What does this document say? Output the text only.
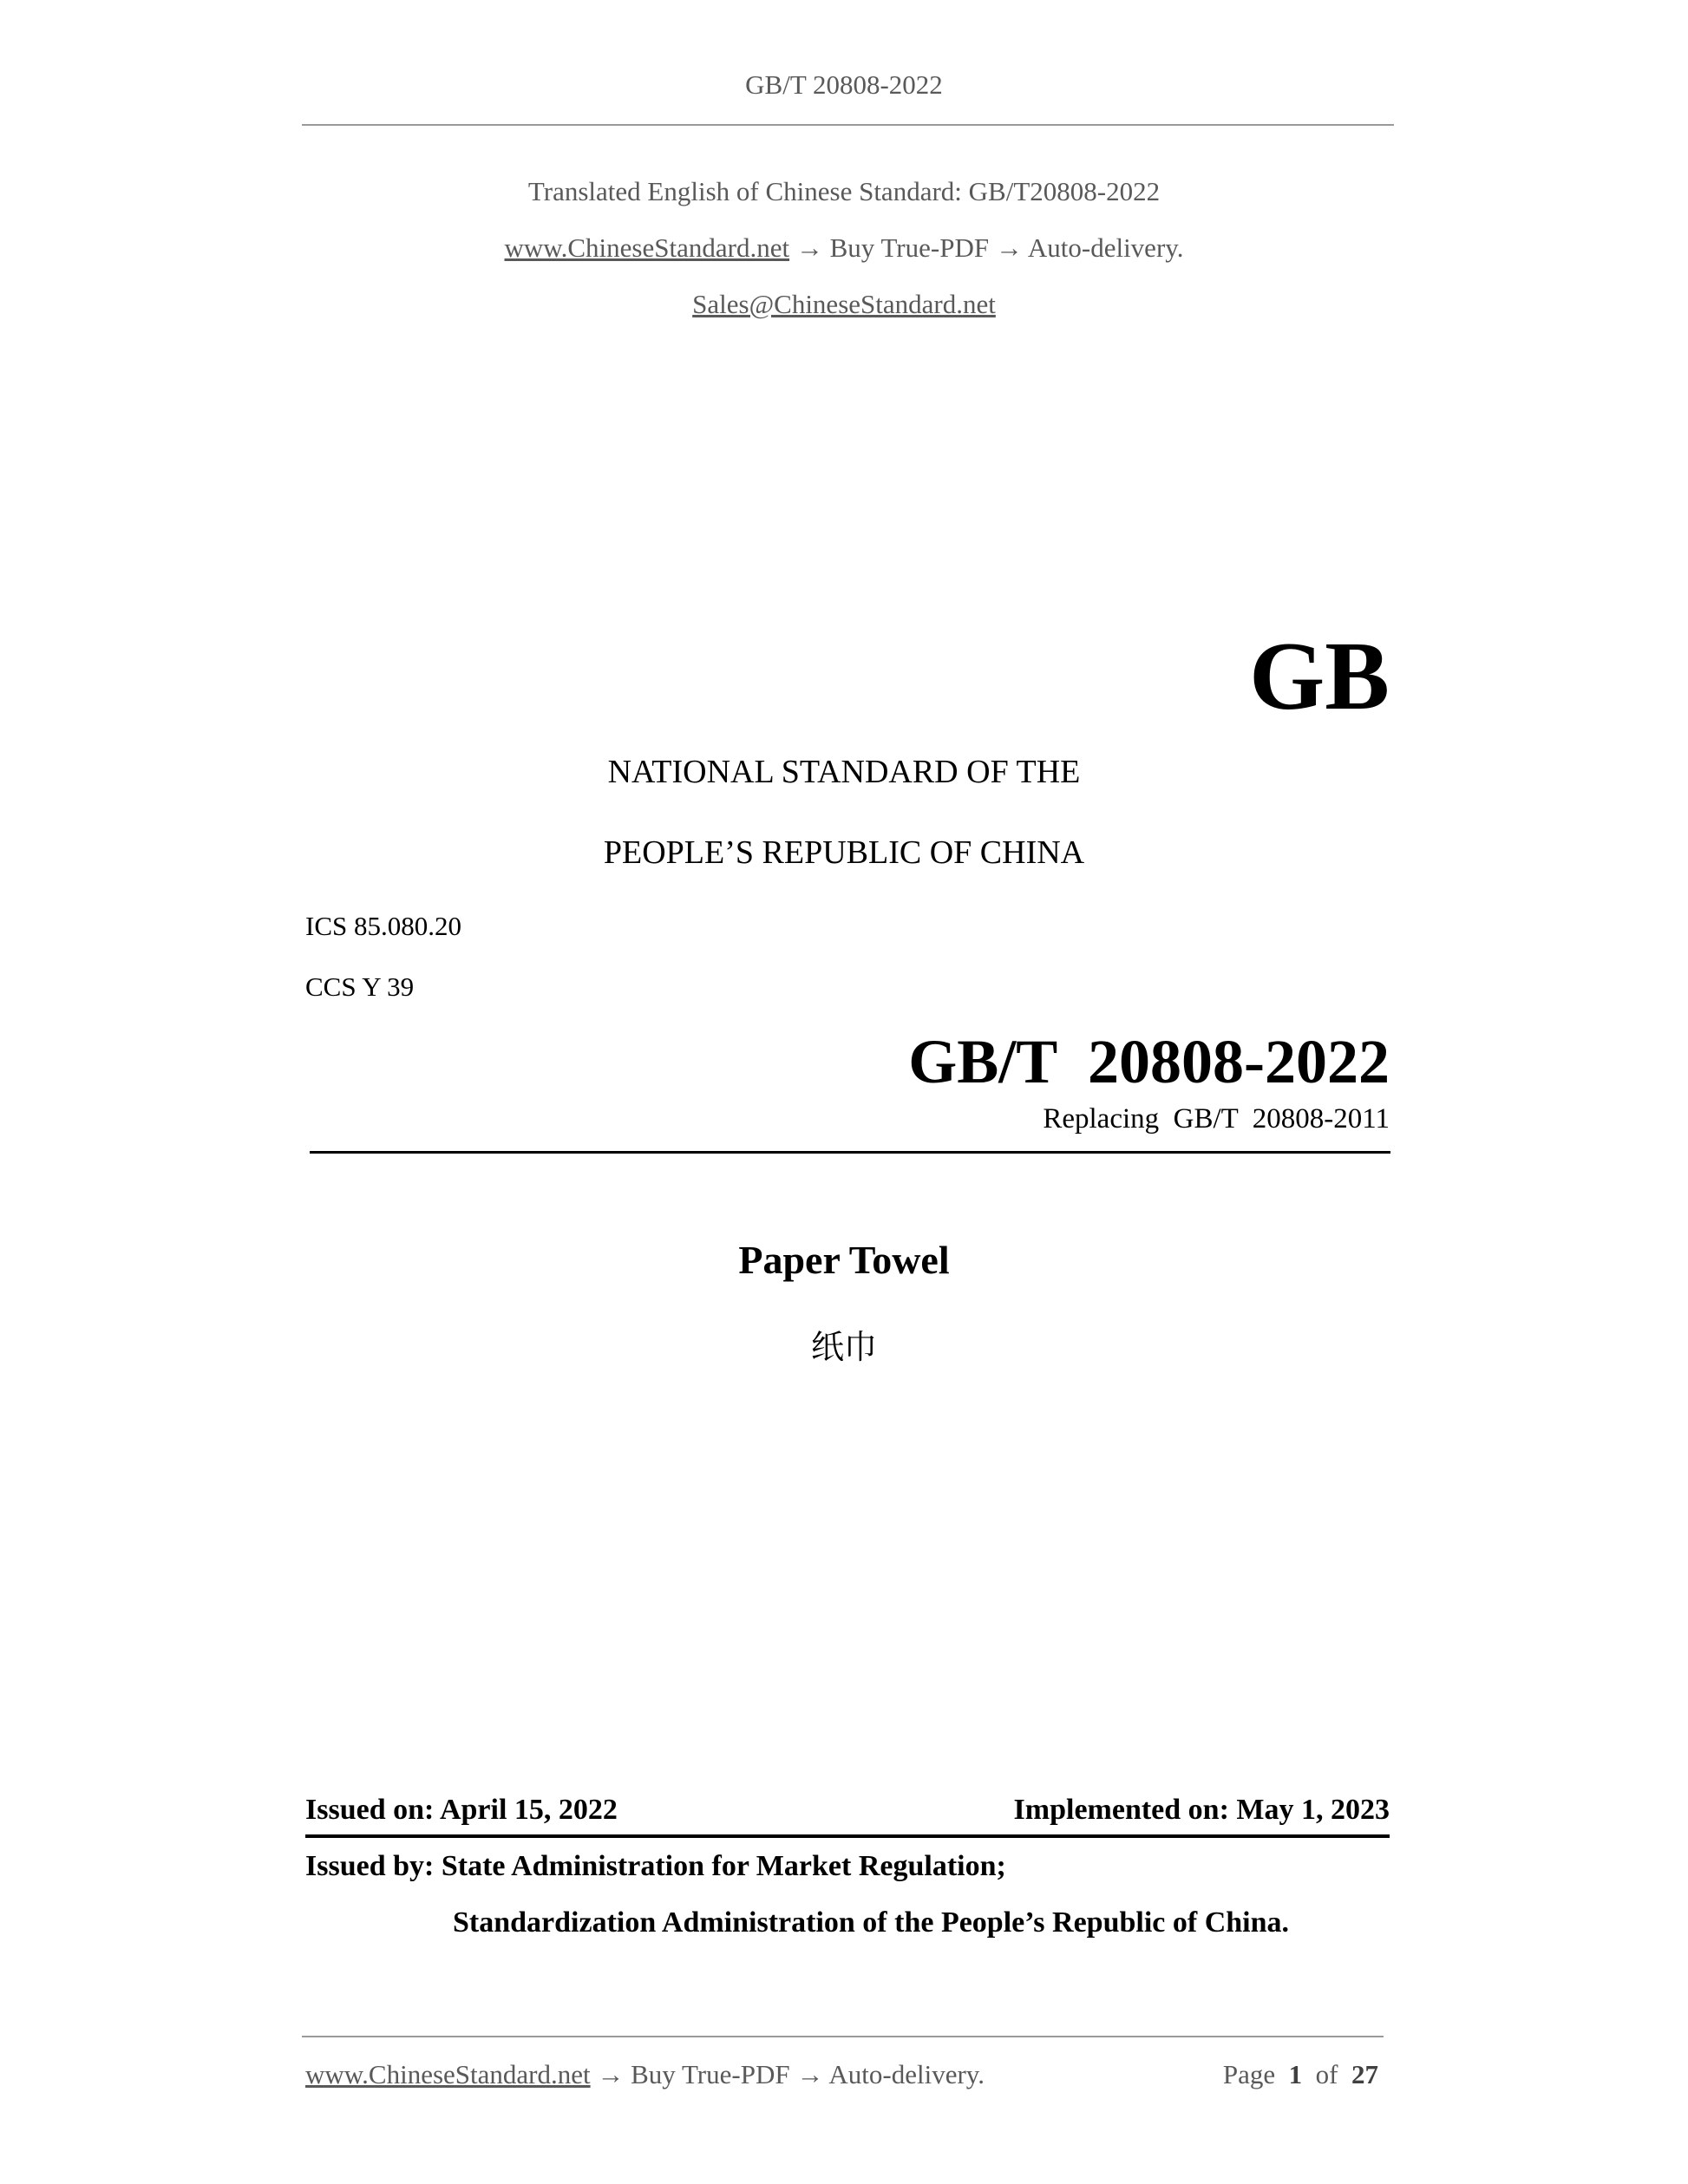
GB/T 20808-2022
Translated English of Chinese Standard: GB/T20808-2022
www.ChineseStandard.net → Buy True-PDF → Auto-delivery.
Sales@ChineseStandard.net
GB
NATIONAL STANDARD OF THE
PEOPLE’S REPUBLIC OF CHINA
ICS 85.080.20
CCS Y 39
GB/T  20808-2022
Replacing  GB/T  20808-2011
Paper Towel
纸巾
Issued on: April 15, 2022	Implemented on: May 1, 2023
Issued by: State Administration for Market Regulation;
Standardization Administration of the People’s Republic of China.
www.ChineseStandard.net → Buy True-PDF → Auto-delivery.	Page 1 of 27
